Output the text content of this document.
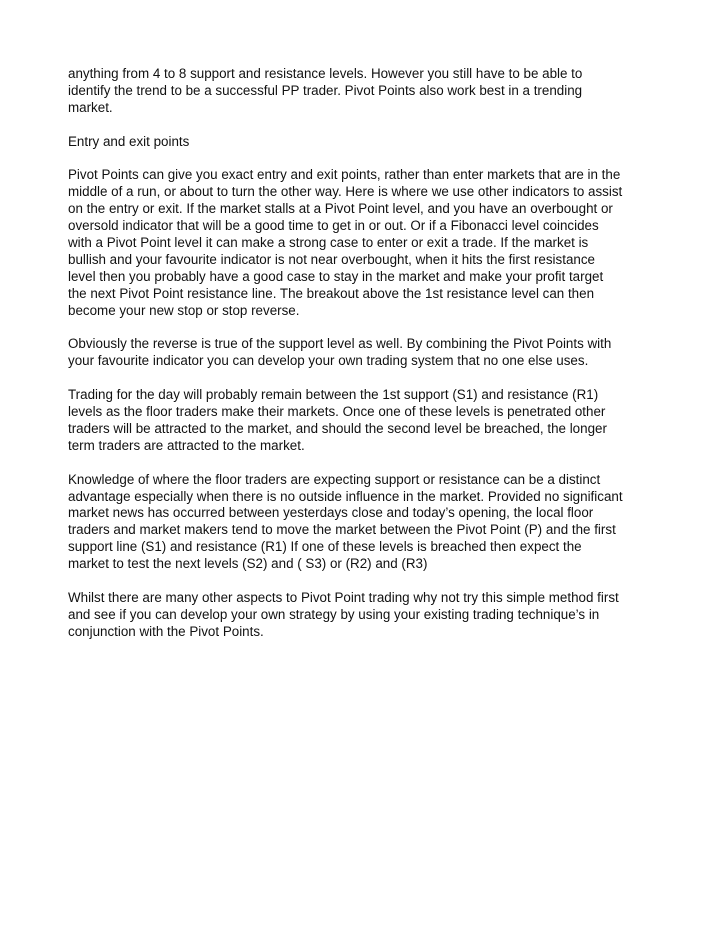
anything from 4 to 8 support and resistance levels. However you still have to be able to
identify the trend to be a successful PP trader. Pivot Points also work best in a trending
market.
Entry and exit points
Pivot Points can give you exact entry and exit points, rather than enter markets that are in the
middle of a run, or about to turn the other way. Here is where we use other indicators to assist
on the entry or exit. If the market stalls at a Pivot Point level, and you have an overbought or
oversold indicator that will be a good time to get in or out. Or if a Fibonacci level coincides
with a Pivot Point level it can make a strong case to enter or exit a trade. If the market is
bullish and your favourite indicator is not near overbought, when it hits the first resistance
level then you probably have a good case to stay in the market and make your profit target
the next Pivot Point resistance line. The breakout above the 1st resistance level can then
become your new stop or stop reverse.
Obviously the reverse is true of the support level as well. By combining the Pivot Points with
your favourite indicator you can develop your own trading system that no one else uses.
Trading for the day will probably remain between the 1st support (S1) and resistance (R1)
levels as the floor traders make their markets. Once one of these levels is penetrated other
traders will be attracted to the market, and should the second level be breached, the longer
term traders are attracted to the market.
Knowledge of where the floor traders are expecting support or resistance can be a distinct
advantage especially when there is no outside influence in the market. Provided no significant
market news has occurred between yesterdays close and today’s opening, the local floor
traders and market makers tend to move the market between the Pivot Point (P) and the first
support line (S1) and resistance (R1) If one of these levels is breached then expect the
market to test the next levels (S2) and ( S3) or (R2) and (R3)
Whilst there are many other aspects to Pivot Point trading why not try this simple method first
and see if you can develop your own strategy by using your existing trading technique’s in
conjunction with the Pivot Points.
